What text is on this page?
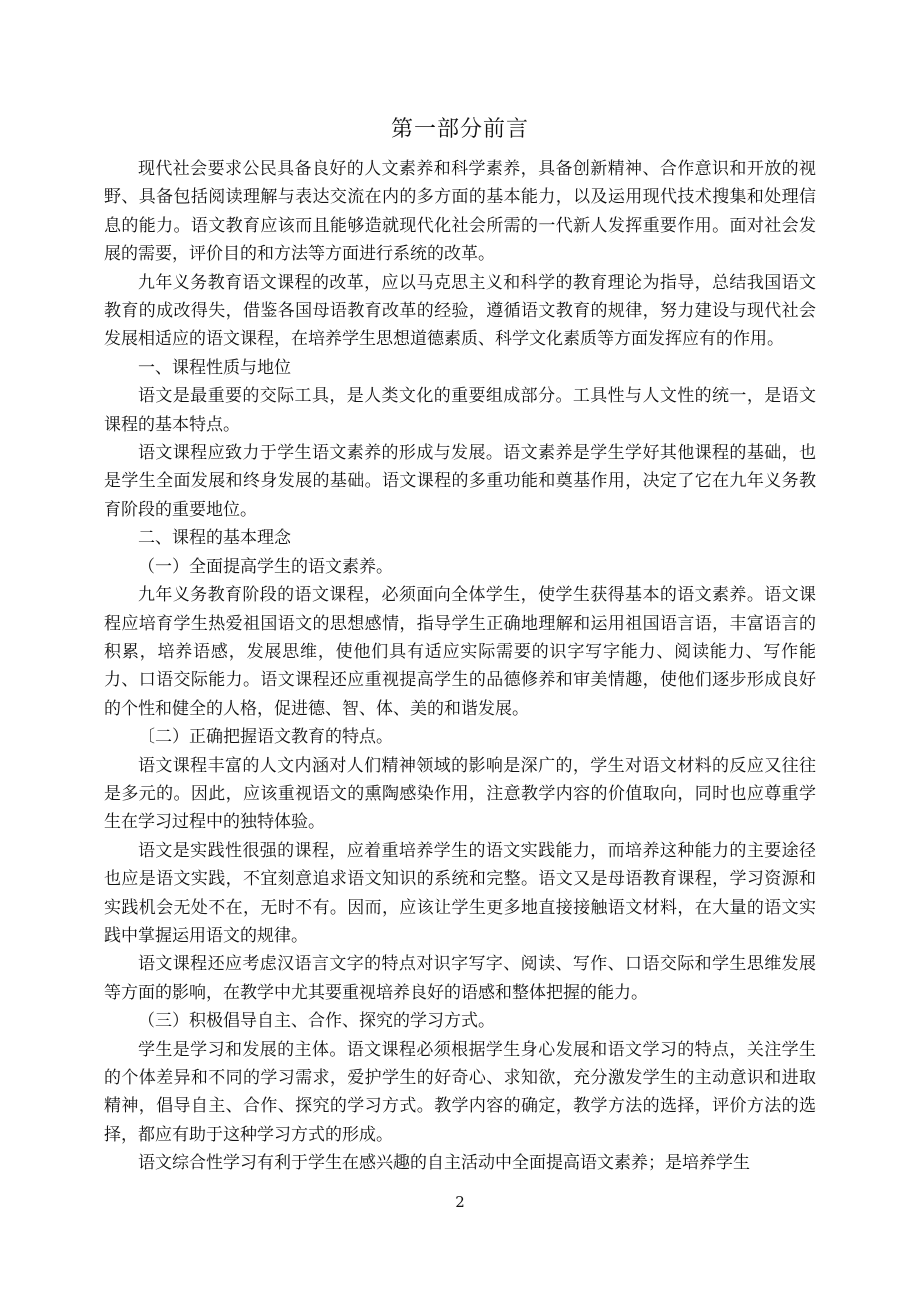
第一部分前言

现代社会要求公民具备良好的人文素养和科学素养，具备创新精神、合作意识和开放的视野、具备包括阅读理解与表达交流在内的多方面的基本能力，以及运用现代技术搜集和处理信息的能力。语文教育应该而且能够造就现代化社会所需的一代新人发挥重要作用。面对社会发展的需要，评价目的和方法等方面进行系统的改革。

九年义务教育语文课程的改革，应以马克思主义和科学的教育理论为指导，总结我国语文教育的成改得失，借鉴各国母语教育改革的经验，遵循语文教育的规律，努力建设与现代社会发展相适应的语文课程，在培养学生思想道德素质、科学文化素质等方面发挥应有的作用。

一、课程性质与地位

语文是最重要的交际工具，是人类文化的重要组成部分。工具性与人文性的统一，是语文课程的基本特点。

语文课程应致力于学生语文素养的形成与发展。语文素养是学生学好其他课程的基础，也是学生全面发展和终身发展的基础。语文课程的多重功能和奠基作用，决定了它在九年义务教育阶段的重要地位。

二、课程的基本理念

（一）全面提高学生的语文素养。

九年义务教育阶段的语文课程，必须面向全体学生，使学生获得基本的语文素养。语文课程应培育学生热爱祖国语文的思想感情，指导学生正确地理解和运用祖国语言语，丰富语言的积累，培养语感，发展思维，使他们具有适应实际需要的识字写字能力、阅读能力、写作能力、口语交际能力。语文课程还应重视提高学生的品德修养和审美情趣，使他们逐步形成良好的个性和健全的人格，促进德、智、体、美的和谐发展。

〔二）正确把握语文教育的特点。

语文课程丰富的人文内涵对人们精神领域的影响是深广的，学生对语文材料的反应又往往是多元的。因此，应该重视语文的熏陶感染作用，注意教学内容的价值取向，同时也应尊重学生在学习过程中的独特体验。

语文是实践性很强的课程，应着重培养学生的语文实践能力，而培养这种能力的主要途径也应是语文实践，不宜刻意追求语文知识的系统和完整。语文又是母语教育课程，学习资源和实践机会无处不在，无时不有。因而，应该让学生更多地直接接触语文材料，在大量的语文实践中掌握运用语文的规律。

语文课程还应考虑汉语言文字的特点对识字写字、阅读、写作、口语交际和学生思维发展等方面的影响，在教学中尤其要重视培养良好的语感和整体把握的能力。

（三）积极倡导自主、合作、探究的学习方式。

学生是学习和发展的主体。语文课程必须根据学生身心发展和语文学习的特点，关注学生的个体差异和不同的学习需求，爱护学生的好奇心、求知欲，充分激发学生的主动意识和进取精神，倡导自主、合作、探究的学习方式。教学内容的确定，教学方法的选择，评价方法的选择，都应有助于这种学习方式的形成。

语文综合性学习有利于学生在感兴趣的自主活动中全面提高语文素养；是培养学生

2
